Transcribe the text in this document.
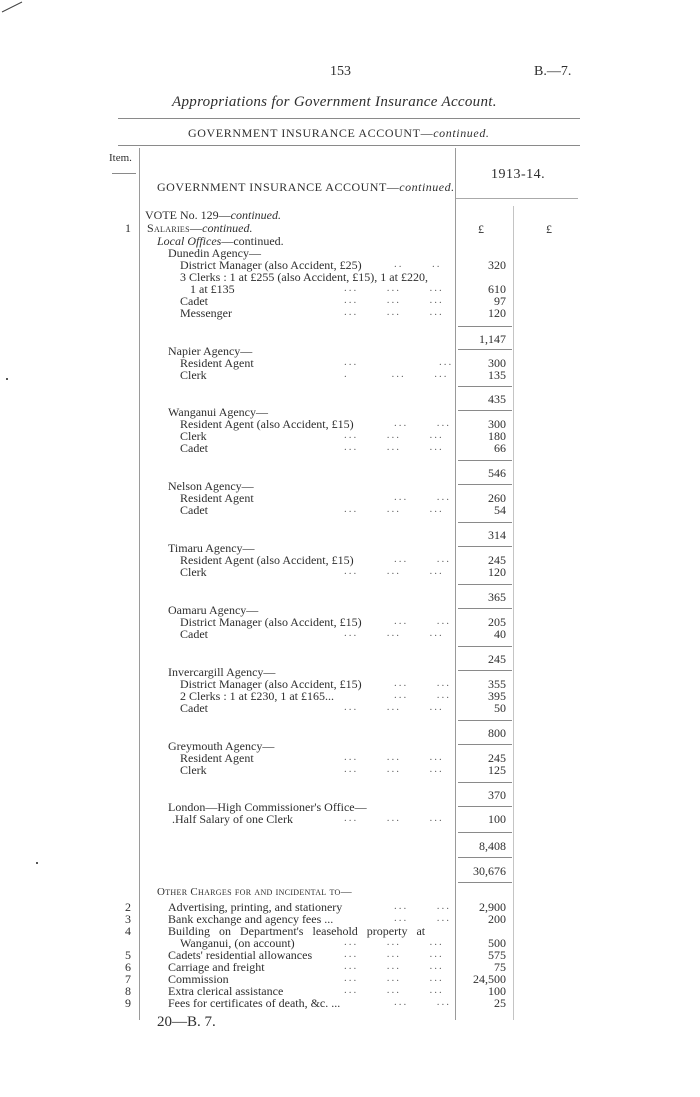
153	B.—7.
Appropriations for Government Insurance Account.
GOVERNMENT INSURANCE ACCOUNT—continued.
Item.
1913-14.
GOVERNMENT INSURANCE ACCOUNT—continued.
VOTE No. 129—continued.
1	Salaries—continued.
Local Offices—continued.
£	£
Dunedin Agency—
District Manager (also Accident, £25)	..      ..	320
3 Clerks : 1 at £255 (also Accident, £15), 1 at £220,
1 at £135	...      ...      ...	610
Cadet	...      ...      ...	97
Messenger	...      ...      ...	120
1,147
Napier Agency—
Resident Agent	...                 ...	300
Clerk	.         ...      ...	135
435
Wanganui Agency—
Resident Agent (also Accident, £15)	...      ...	300
Clerk	...      ...      ...	180
Cadet	...      ...      ...	66
546
Nelson Agency—
Resident Agent	...      ...	260
Cadet	...      ...      ...	54
314
Timaru Agency—
Resident Agent (also Accident, £15)	...      ...	245
Clerk	...      ...      ...	120
365
Oamaru Agency—
District Manager (also Accident, £15)	...      ...	205
Cadet	...      ...      ...	40
245
Invercargill Agency—
District Manager (also Accident, £15)	...      ...	355
2 Clerks : 1 at £230, 1 at £165...	...      ...	395
Cadet	...      ...      ...	50
800
Greymouth Agency—
Resident Agent	...      ...      ...	245
Clerk	...      ...      ...	125
370
London—High Commissioner's Office—
.Half Salary of one Clerk	...      ...      ...	100
8,408
30,676
Other Charges for and incidental to—
2	Advertising, printing, and stationery	...      ...	2,900
3	Bank exchange and agency fees ...	...      ...	200
4	Building on Department's leasehold property at
Wanganui, (on account)	...      ...      ...	500
5	Cadets' residential allowances	...      ...      ...	575
6	Carriage and freight	...      ...      ...	75
7	Commission	...      ...      ...	24,500
8	Extra clerical assistance	...      ...      ...	100
9	Fees for certificates of death, &c. ...	...      ...	25
20—B. 7.
